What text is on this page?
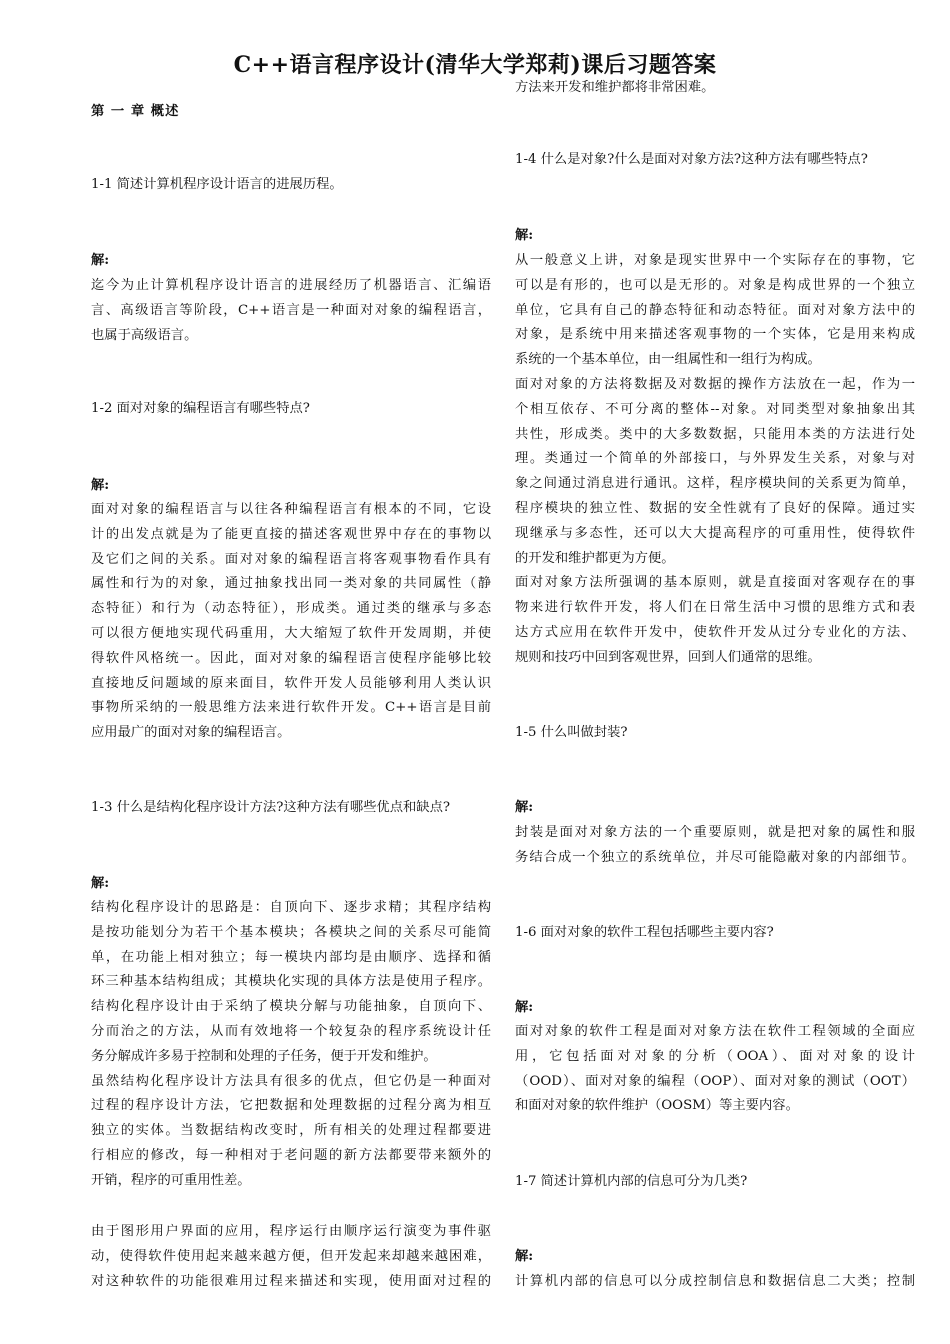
C++语言程序设计(清华大学郑莉)课后习题答案
第 一 章 概述
1-1 简述计算机程序设计语言的进展历程。
解:
迄今为止计算机程序设计语言的进展经历了机器语言、汇编语
言、高级语言等阶段，C++语言是一种面对对象的编程语言，
也属于高级语言。
1-2 面对对象的编程语言有哪些特点?
解:
面对对象的编程语言与以往各种编程语言有根本的不同，它设
计的出发点就是为了能更直接的描述客观世界中存在的事物以
及它们之间的关系。面对对象的编程语言将客观事物看作具有
属性和行为的对象，通过抽象找出同一类对象的共同属性（静
态特征）和行为（动态特征），形成类。通过类的继承与多态
可以很方便地实现代码重用，大大缩短了软件开发周期，并使
得软件风格统一。因此，面对对象的编程语言使程序能够比较
直接地反问题域的原来面目，软件开发人员能够利用人类认识
事物所采纳的一般思维方法来进行软件开发。C++语言是目前
应用最广的面对对象的编程语言。
1-3 什么是结构化程序设计方法?这种方法有哪些优点和缺点?
解:
结构化程序设计的思路是：自顶向下、逐步求精；其程序结构
是按功能划分为若干个基本模块；各模块之间的关系尽可能简
单，在功能上相对独立；每一模块内部均是由顺序、选择和循
环三种基本结构组成；其模块化实现的具体方法是使用子程序。
结构化程序设计由于采纳了模块分解与功能抽象，自顶向下、
分而治之的方法，从而有效地将一个较复杂的程序系统设计任
务分解成许多易于控制和处理的子任务，便于开发和维护。
虽然结构化程序设计方法具有很多的优点，但它仍是一种面对
过程的程序设计方法，它把数据和处理数据的过程分离为相互
独立的实体。当数据结构改变时，所有相关的处理过程都要进
行相应的修改，每一种相对于老问题的新方法都要带来额外的
开销，程序的可重用性差。
由于图形用户界面的应用，程序运行由顺序运行演变为事件驱
动，使得软件使用起来越来越方便，但开发起来却越来越困难，
对这种软件的功能很难用过程来描述和实现，使用面对过程的
方法来开发和维护都将非常困难。
1-4 什么是对象?什么是面对对象方法?这种方法有哪些特点?
解:
从一般意义上讲，对象是现实世界中一个实际存在的事物，它
可以是有形的，也可以是无形的。对象是构成世界的一个独立
单位，它具有自己的静态特征和动态特征。面对对象方法中的
对象，是系统中用来描述客观事物的一个实体，它是用来构成
系统的一个基本单位，由一组属性和一组行为构成。
面对对象的方法将数据及对数据的操作方法放在一起，作为一
个相互依存、不可分离的整体--对象。对同类型对象抽象出其
共性，形成类。类中的大多数数据，只能用本类的方法进行处
理。类通过一个简单的外部接口，与外界发生关系，对象与对
象之间通过消息进行通讯。这样，程序模块间的关系更为简单，
程序模块的独立性、数据的安全性就有了良好的保障。通过实
现继承与多态性，还可以大大提高程序的可重用性，使得软件
的开发和维护都更为方便。
面对对象方法所强调的基本原则，就是直接面对客观存在的事
物来进行软件开发，将人们在日常生活中习惯的思维方式和表
达方式应用在软件开发中，使软件开发从过分专业化的方法、
规则和技巧中回到客观世界，回到人们通常的思维。
1-5 什么叫做封装?
解:
封装是面对对象方法的一个重要原则，就是把对象的属性和服
务结合成一个独立的系统单位，并尽可能隐蔽对象的内部细节。
1-6 面对对象的软件工程包括哪些主要内容?
解:
面对对象的软件工程是面对对象方法在软件工程领域的全面应
用，它包括面对对象的分析（OOA）、面对对象的设计
（OOD）、面对对象的编程（OOP）、面对对象的测试（OOT）
和面对对象的软件维护（OOSM）等主要内容。
1-7 简述计算机内部的信息可分为几类?
解:
计算机内部的信息可以分成控制信息和数据信息二大类；控制
